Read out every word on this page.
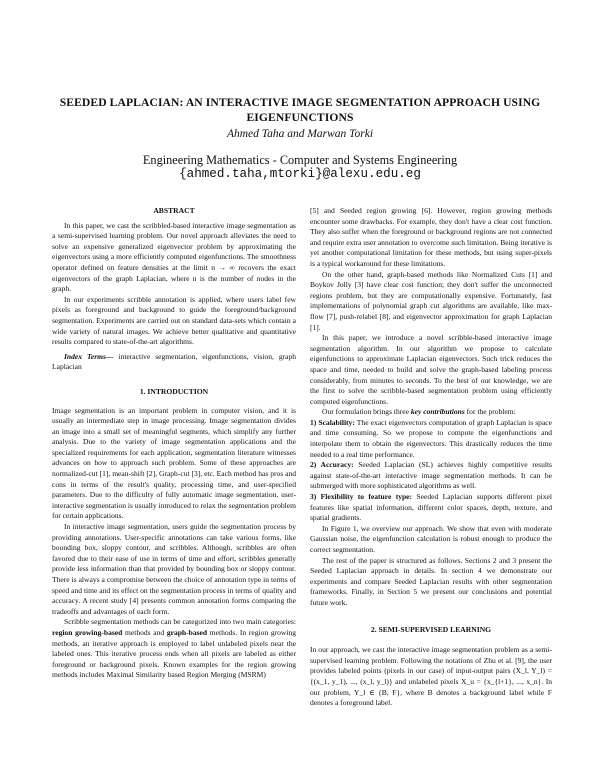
SEEDED LAPLACIAN: AN INTERACTIVE IMAGE SEGMENTATION APPROACH USING
EIGENFUNCTIONS
Ahmed Taha and Marwan Torki
Engineering Mathematics - Computer and Systems Engineering
{ahmed.taha,mtorki}@alexu.edu.eg
ABSTRACT

In this paper, we cast the scribbled-based interactive image segmentation as a semi-supervised learning problem. Our novel approach alleviates the need to solve an expensive generalized eigenvector problem by approximating the eigenvectors using a more efficiently computed eigenfunctions. The smoothness operator defined on feature densities at the limit n → ∞ recovers the exact eigenvectors of the graph Laplacian, where n is the number of nodes in the graph.

In our experiments scribble annotation is applied, where users label few pixels as foreground and background to guide the foreground/background segmentation. Experiments are carried out on standard data-sets which contain a wide variety of natural images. We achieve better qualitative and quantitative results compared to state-of-the-art algorithms.

Index Terms— interactive segmentation, eigenfunctions, vision, graph Laplacian

1. INTRODUCTION

Image segmentation is an important problem in computer vision, and it is usually an intermediate step in image processing. Image segmentation divides an image into a small set of meaningful segments, which simplify any further analysis. Due to the variety of image segmentation applications and the specialized requirements for each application, segmentation literature witnesses advances on how to approach such problem. Some of these approaches are normalized-cut [1], mean-shift [2], Graph-cut [3], etc. Each method has pros and cons in terms of the result's quality, processing time, and user-specified parameters. Due to the difficulty of fully automatic image segmentation, user-interactive segmentation is usually introduced to relax the segmentation problem for certain applications.

In interactive image segmentation, users guide the segmentation process by providing annotations. User-specific annotations can take various forms, like bounding box, sloppy contour, and scribbles. Although, scribbles are often favored due to their ease of use in terms of time and effort, scribbles generally provide less information than that provided by bounding box or sloppy contour. There is always a compromise between the choice of annotation type in terms of speed and time and its effect on the segmentation process in terms of quality and accuracy. A recent study [4] presents common annotation forms comparing the tradeoffs and advantages of each form.

Scribble segmentation methods can be categorized into two main categories: region growing-based methods and graph-based methods. In region growing methods, an iterative approach is employed to label unlabeled pixels near the labeled ones. This iterative process ends when all pixels are labeled as either foreground or background pixels. Known examples for the region growing methods includes Maximal Similarity based Region Merging (MSRM)

[5] and Seeded region growing [6]. However, region growing methods encounter some drawbacks. For example, they don't have a clear cost function. They also suffer when the foreground or background regions are not connected and require extra user annotation to overcome such limitation. Being iterative is yet another computational limitation for these methods, but using super-pixels is a typical workaround for these limitations.

On the other hand, graph-based methods like Normalized Cuts [1] and Boykov Jolly [3] have clear cost function; they don't suffer the unconnected regions problem, but they are computationally expensive. Fortunately, fast implementations of polynomial graph cut algorithms are available, like max-flow [7], push-relabel [8], and eigenvector approximation for graph Laplacian [1].

In this paper, we introduce a novel scribble-based interactive image segmentation algorithm. In our algorithm we propose to calculate eigenfunctions to approximate Laplacian eigenvectors. Such trick reduces the space and time, needed to build and solve the graph-based labeling process considerably, from minutes to seconds. To the best of our knowledge, we are the first to solve the scribble-based segmentation problem using efficiently computed eigenfunctions.

Our formulation brings three key contributions for the problem:

1) Scalability: The exact eigenvectors computation of graph Laplacian is space and time consuming. So we propose to compute the eigenfunctions and interpolate them to obtain the eigenvectors. This drastically reduces the time needed to a real time performance.

2) Accuracy: Seeded Laplacian (SL) achieves highly competitive results against state-of-the-art interactive image segmentation methods. It can be submerged with more sophisticated algorithms as well.

3) Flexibility to feature type: Seeded Laplacian supports different pixel features like spatial information, different color spaces, depth, texture, and spatial gradients.

In Figure 1, we overview our approach. We show that even with moderate Gaussian noise, the eigenfunction calculation is robust enough to produce the correct segmentation.

The rest of the paper is structured as follows. Sections 2 and 3 present the Seeded Laplacian approach in details. In section 4 we demonstrate our experiments and compare Seeded Laplacian results with other segmentation frameworks. Finally, in Section 5 we present our conclusions and potential future work.

2. SEMI-SUPERVISED LEARNING

In our approach, we cast the interactive image segmentation problem as a semi-supervised learning problem. Following the notations of Zhu et al. [9], the user provides labeled points (pixels in our case) of input-output pairs (X_l, Y_l) = {(x_1, y_1), ..., (x_l, y_l)} and unlabeled pixels X_u = {x_{l+1}, ..., x_n}. In our problem, Y_l ∈ {B, F}, where B denotes a background label while F denotes a foreground label.
